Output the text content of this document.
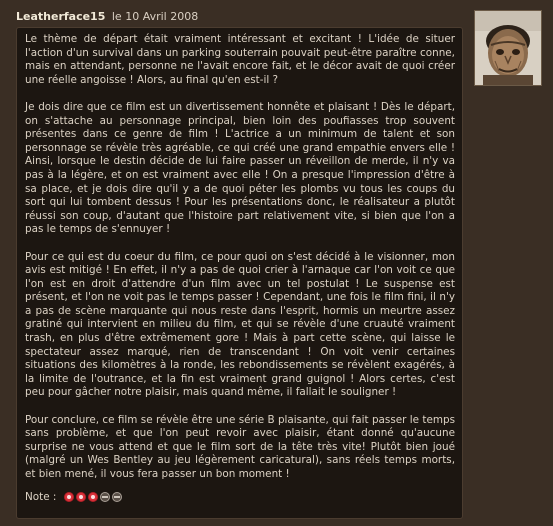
Leatherface15 le 10 Avril 2008

Le thème de départ était vraiment intéressant et excitant ! L'idée de situer l'action d'un survival dans un parking souterrain pouvait peut-être paraître conne, mais en attendant, personne ne l'avait encore fait, et le décor avait de quoi créer une réelle angoisse ! Alors, au final qu'en est-il ?

Je dois dire que ce film est un divertissement honnête et plaisant ! Dès le départ, on s'attache au personnage principal, bien loin des poufiasses trop souvent présentes dans ce genre de film ! L'actrice a un minimum de talent et son personnage se révèle très agréable, ce qui créé une grand empathie envers elle ! Ainsi, lorsque le destin décide de lui faire passer un réveillon de merde, il n'y va pas à la légère, et on est vraiment avec elle ! On a presque l'impression d'être à sa place, et je dois dire qu'il y a de quoi péter les plombs vu tous les coups du sort qui lui tombent dessus ! Pour les présentations donc, le réalisateur a plutôt réussi son coup, d'autant que l'histoire part relativement vite, si bien que l'on a pas le temps de s'ennuyer !

Pour ce qui est du coeur du film, ce pour quoi on s'est décidé à le visionner, mon avis est mitigé ! En effet, il n'y a pas de quoi crier à l'arnaque car l'on voit ce que l'on est en droit d'attendre d'un film avec un tel postulat ! Le suspense est présent, et l'on ne voit pas le temps passer ! Cependant, une fois le film fini, il n'y a pas de scène marquante qui nous reste dans l'esprit, hormis un meurtre assez gratiné qui intervient en milieu du film, et qui se révèle d'une cruauté vraiment trash, en plus d'être extrêmement gore ! Mais à part cette scène, qui laisse le spectateur assez marqué, rien de transcendant ! On voit venir certaines situations des kilomètres à la ronde, les rebondissements se révèlent exagérés, à la limite de l'outrance, et la fin est vraiment grand guignol ! Alors certes, c'est peu pour gâcher notre plaisir, mais quand même, il fallait le souligner !

Pour conclure, ce film se révèle être une série B plaisante, qui fait passer le temps sans problème, et que l'on peut revoir avec plaisir, étant donné qu'aucune surprise ne vous attend et que le film sort de la tête très vite! Plutôt bien joué (malgré un Wes Bentley au jeu légèrement caricatural), sans réels temps morts, et bien mené, il vous fera passer un bon moment !

Note :
